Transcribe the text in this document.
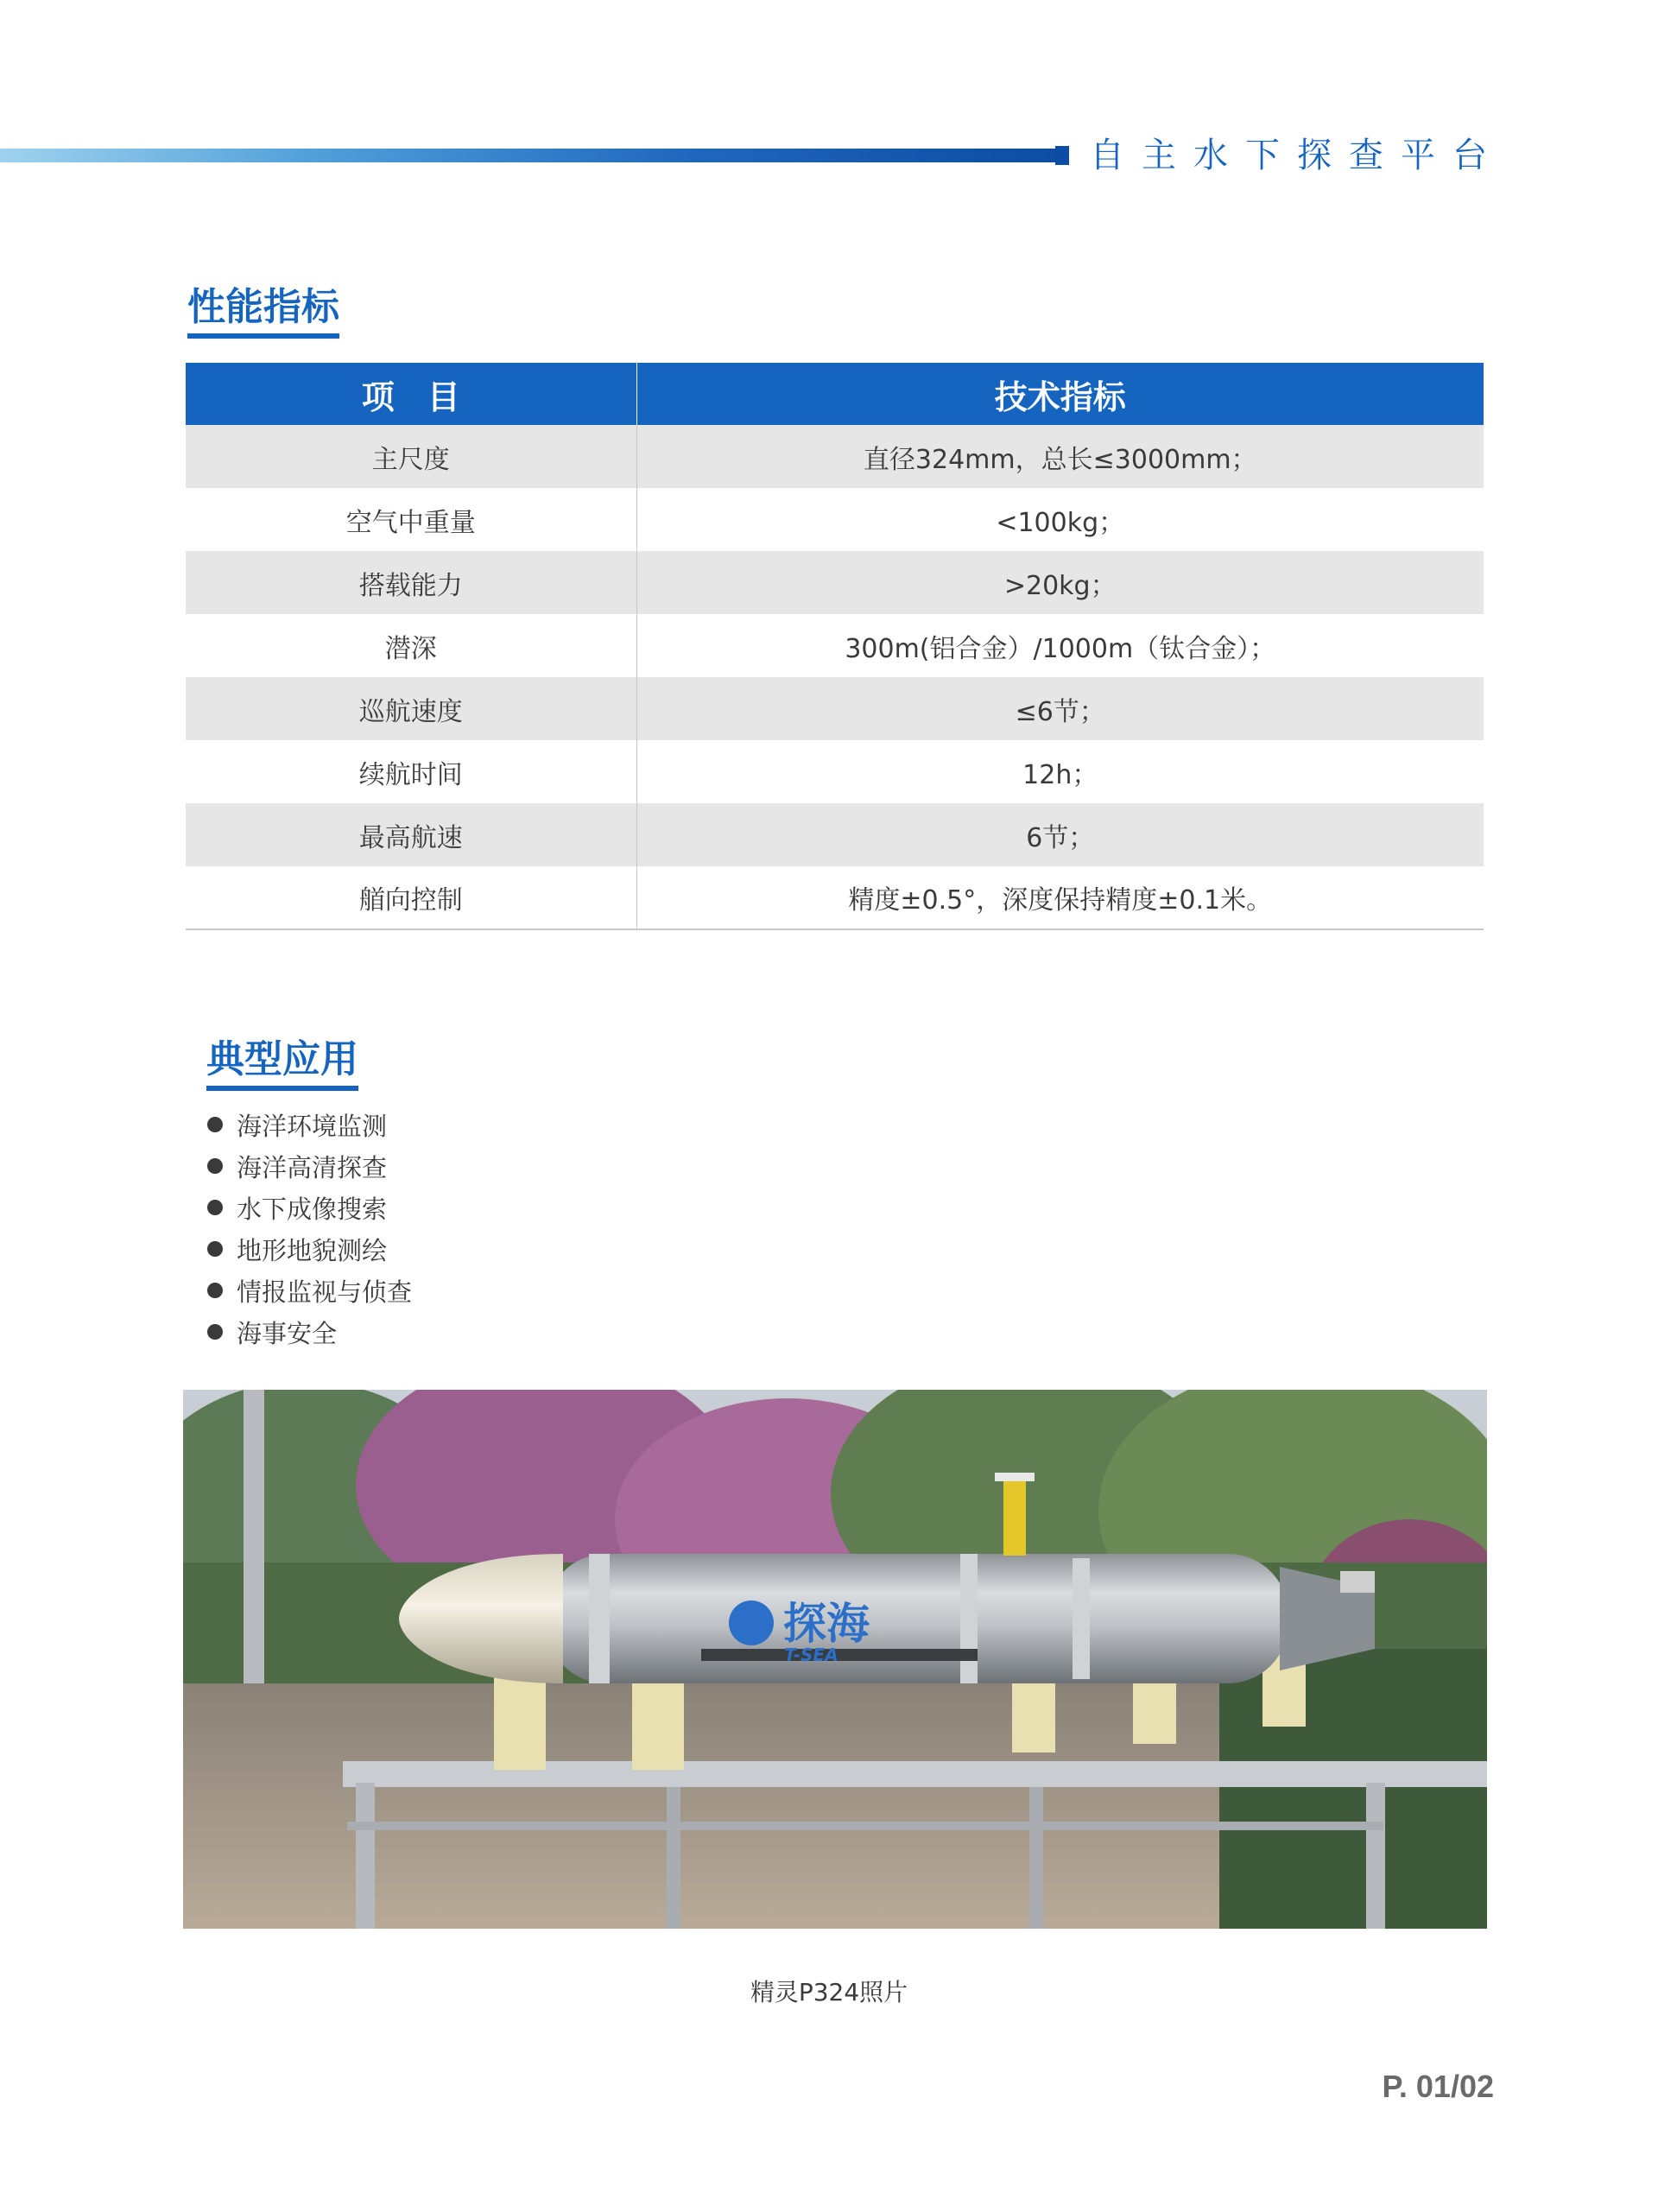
自主水下探查平台
性能指标
项　目	技术指标
主尺度	直径324mm，总长≤3000mm；
空气中重量	<100kg；
搭载能力	>20kg；
潜深	300m(铝合金）/1000m（钛合金）；
巡航速度	≤6节；
续航时间	12h；
最高航速	6节；
艏向控制	精度±0.5°，深度保持精度±0.1米。
典型应用
海洋环境监测
海洋高清探查
水下成像搜索
地形地貌测绘
情报监视与侦查
海事安全
探海
T-SEA
精灵P324照片
P. 01/02
